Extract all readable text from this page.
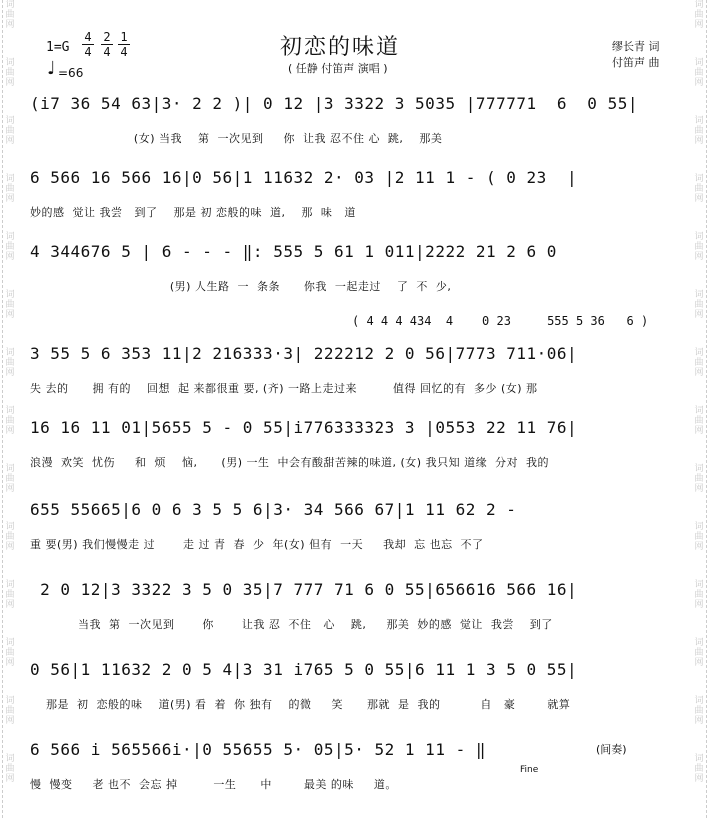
词
曲
网
词
曲
网
词
曲
网
词
曲
网
词
曲
网
词
曲
网
词
曲
网
词
曲
网
词
曲
网
词
曲
网
词
曲
网
词
曲
网
词
曲
网
词
曲
网
词
曲
网
词
曲
网
词
曲
网
词
曲
网
词
曲
网
词
曲
网
词
曲
网
词
曲
网
词
曲
网
词
曲
网
词
曲
网
词
曲
网
词
曲
网
词
曲
网
1=G
4
4
2
4
1
4
♩ =66
初恋的味道
( 任静 付笛声 演唱 )
缪长青 词
付笛声 曲
(i7 36 54 63|3· 2 2 )| 0 12 |3 3322 3 5035 |777771  6  0 55|
(女) 当我    第  一次见到     你  让我 忍不住 心  跳,    那美
6 566 16 566 16|0 56|1 11632 2· 03 |2 11 1 - ( 0 23  |
妙的感  觉让 我尝   到了    那是 初 恋般的味  道,    那  味   道
4 344676 5 | 6 - - - ‖: 555 5 61 1 011|2222 21 2 6 0
(男) 人生路  一  条条      你我  一起走过    了  不  少,
( 4 4 4 434  4    0 23     555 5 36   6 )
3 55 5 6 353 11|2 216333·3| 222212 2 0 56|7773 711·06|
失 去的      拥 有的    回想  起 来都很重 要, (齐) 一路上走过来         值得 回忆的有  多少 (女) 那
16 16 11 01|5655 5 - 0 55|i776333323 3 |0553 22 11 76|
浪漫  欢笑  忧伤     和  烦    恼,      (男) 一生  中会有酸甜苦辣的味道, (女) 我只知 道缘  分对  我的
655 55665|6 0 6 3 5 5 6|3· 34 566 67|1 11 62 2 -
重 要(男) 我们慢慢走 过       走 过 青  春  少  年(女) 但有  一天     我却  忘 也忘  不了
2 0 12|3 3322 3 5 0 35|7 777 71 6 0 55|656616 566 16|
当我  第  一次见到       你       让我 忍  不住   心    跳,     那美  妙的感  觉让  我尝    到了
0 56|1 11632 2 0 5 4|3 31 i765 5 0 55|6 11 1 3 5 0 55|
那是  初  恋般的味    道(男) 看  着  你 独有    的微     笑      那就  是  我的          自   豪        就算
6 566 i 565566i·|0 55655 5· 05|5· 52 1 11 - ‖
慢  慢变     老 也不  会忘 掉         一生      中        最美 的味     道。
Fine
(间奏)
